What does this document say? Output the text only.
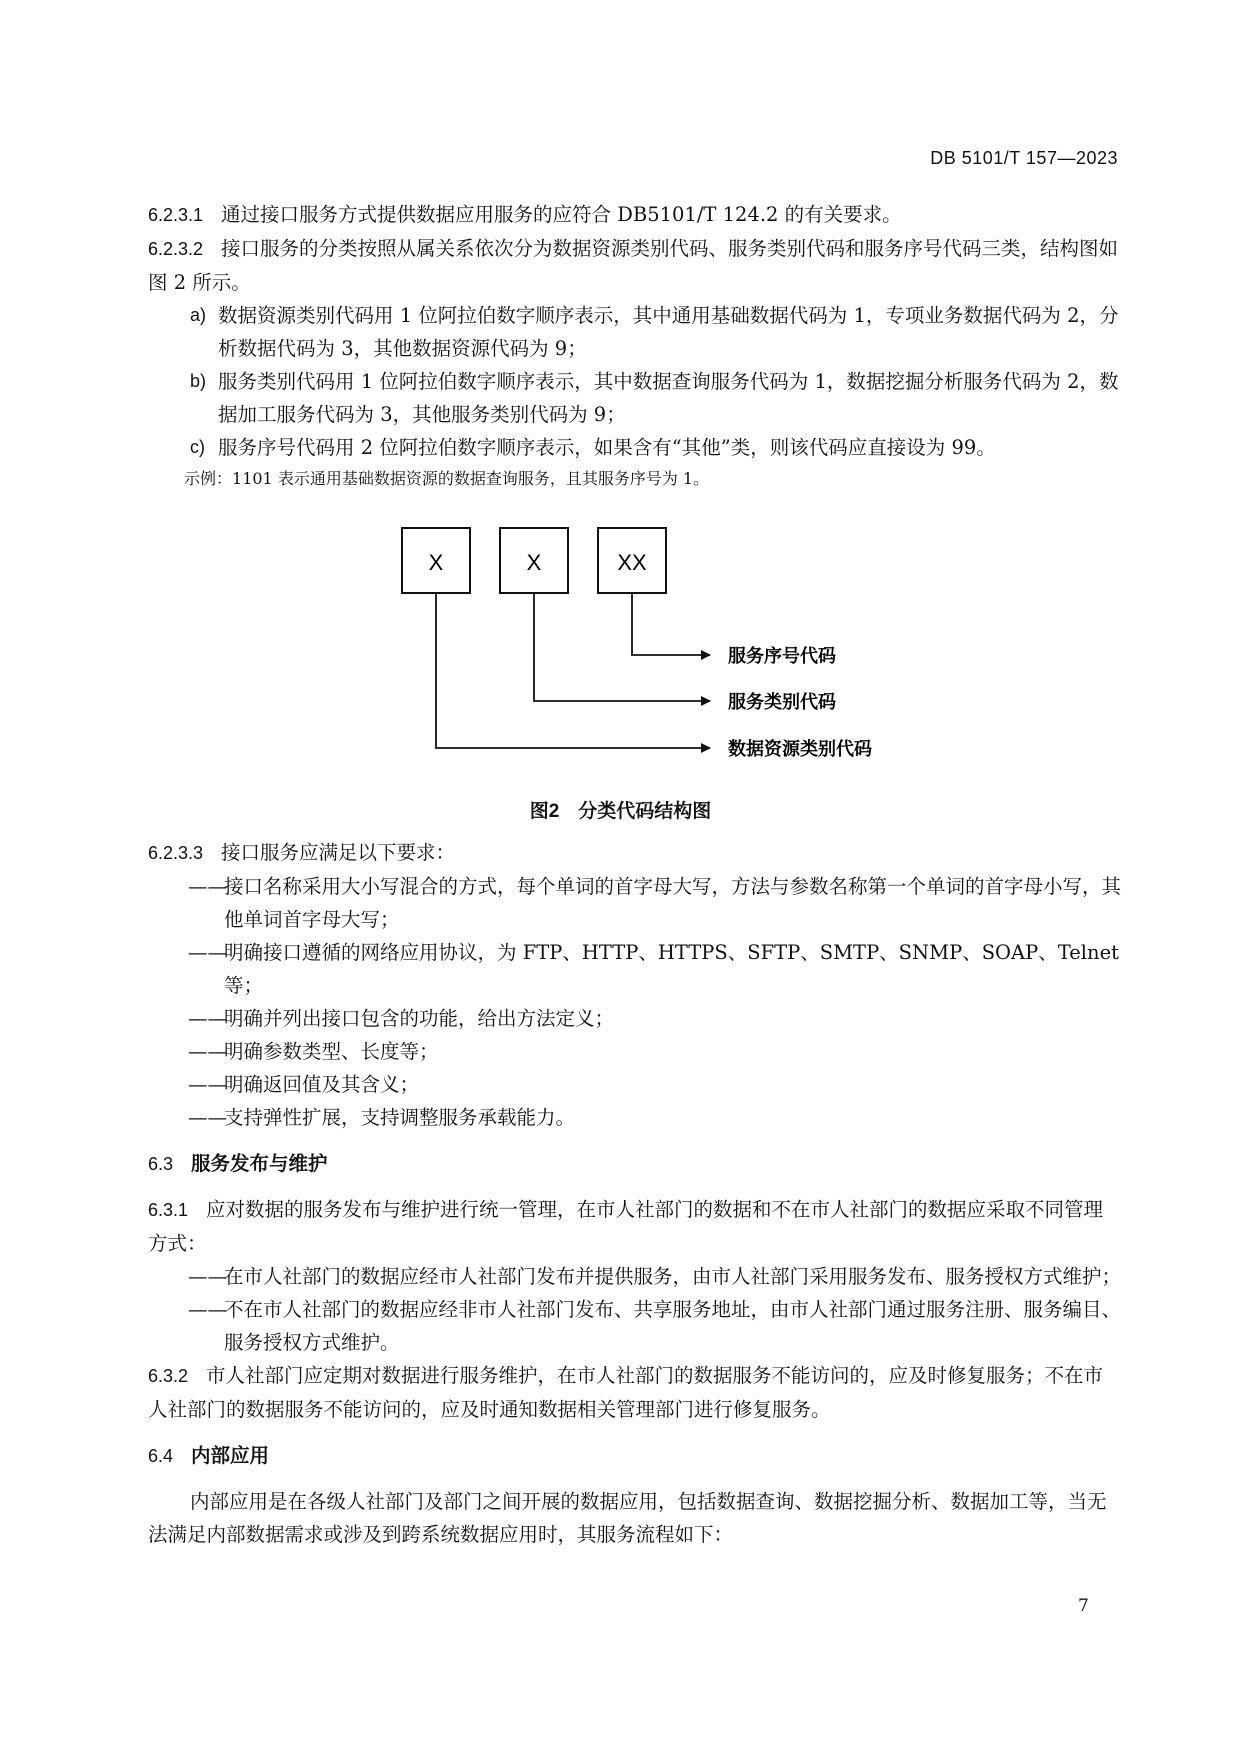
DB 5101/T 157—2023

6.2.3.1 通过接口服务方式提供数据应用服务的应符合 DB5101/T 124.2 的有关要求。

6.2.3.2 接口服务的分类按照从属关系依次分为数据资源类别代码、服务类别代码和服务序号代码三类，结构图如图 2 所示。

a) 数据资源类别代码用 1 位阿拉伯数字顺序表示，其中通用基础数据代码为 1，专项业务数据代码为 2，分析数据代码为 3，其他数据资源代码为 9；

b) 服务类别代码用 1 位阿拉伯数字顺序表示，其中数据查询服务代码为 1，数据挖掘分析服务代码为 2，数据加工服务代码为 3，其他服务类别代码为 9；

c) 服务序号代码用 2 位阿拉伯数字顺序表示，如果含有“其他”类，则该代码应直接设为 99。

示例：1101 表示通用基础数据资源的数据查询服务，且其服务序号为 1。

6.2.3.3 接口服务应满足以下要求：

——
接口名称采用大小写混合的方式，每个单词的首字母大写，方法与参数名称第一个单词的首字母小写，其他单词首字母大写；

——
明确接口遵循的网络应用协议，为 FTP、HTTP、HTTPS、SFTP、SMTP、SNMP、SOAP、Telnet 等；

——
明确并列出接口包含的功能，给出方法定义；

——
明确参数类型、长度等；

——
明确返回值及其含义；

——
支持弹性扩展，支持调整服务承载能力。

6.3 服务发布与维护

6.3.1 应对数据的服务发布与维护进行统一管理，在市人社部门的数据和不在市人社部门的数据应采取不同管理方式：

——
在市人社部门的数据应经市人社部门发布并提供服务，由市人社部门采用服务发布、服务授权方式维护；

——
不在市人社部门的数据应经非市人社部门发布、共享服务地址，由市人社部门通过服务注册、服务编目、服务授权方式维护。

6.3.2 市人社部门应定期对数据进行服务维护，在市人社部门的数据服务不能访问的，应及时修复服务；不在市人社部门的数据服务不能访问的，应及时通知数据相关管理部门进行修复服务。

6.4 内部应用

内部应用是在各级人社部门及部门之间开展的数据应用，包括数据查询、数据挖掘分析、数据加工等，当无法满足内部数据需求或涉及到跨系统数据应用时，其服务流程如下：

X	X	XX
服务序号代码
服务类别代码
数据资源类别代码
图2　分类代码结构图
7
